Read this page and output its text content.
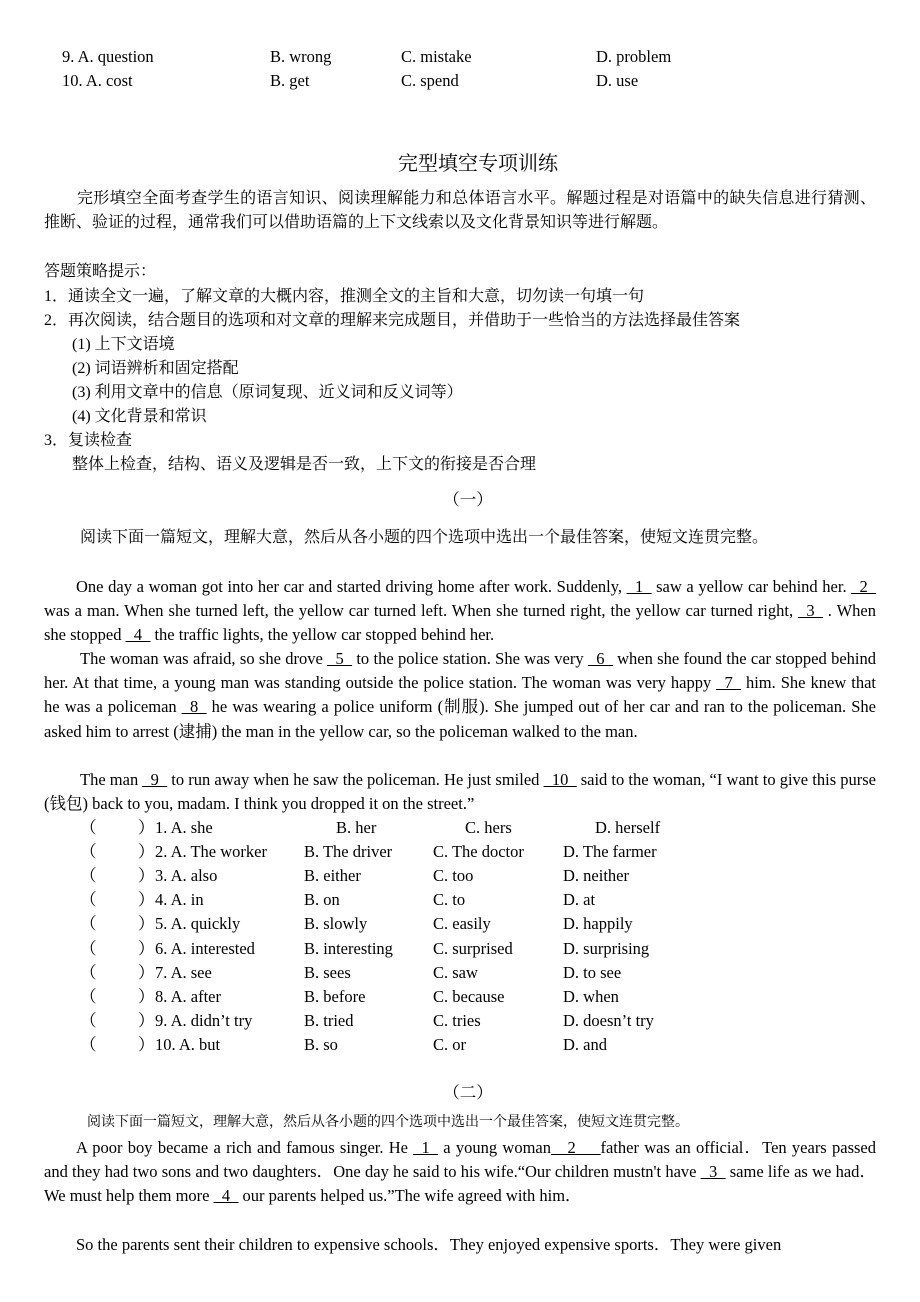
9. A. question	B. wrong	C. mistake	D. problem
10. A. cost	B. get	C. spend	D. use
完型填空专项训练
完形填空全面考查学生的语言知识、阅读理解能力和总体语言水平。解题过程是对语篇中的缺失信息进行猜测、推断、验证的过程，通常我们可以借助语篇的上下文线索以及文化背景知识等进行解题。
答题策略提示：
1．通读全文一遍，了解文章的大概内容，推测全文的主旨和大意，切勿读一句填一句
2．再次阅读，结合题目的选项和对文章的理解来完成题目，并借助于一些恰当的方法选择最佳答案
(1) 上下文语境
(2) 词语辨析和固定搭配
(3) 利用文章中的信息（原词复现、近义词和反义词等）
(4) 文化背景和常识
3．复读检查
整体上检查，结构、语义及逻辑是否一致，上下文的衔接是否合理
（一）
阅读下面一篇短文，理解大意，然后从各小题的四个选项中选出一个最佳答案，使短文连贯完整。
One day a woman got into her car and started driving home after work. Suddenly, _1_ saw a yellow car behind her. _2_ was a man. When she turned left, the yellow car turned left. When she turned right, the yellow car turned right, _3_ . When she stopped _4_ the traffic lights, the yellow car stopped behind her.
The woman was afraid, so she drove _5_ to the police station. She was very _6_ when she found the car stopped behind her. At that time, a young man was standing outside the police station. The woman was very happy _7_ him. She knew that he was a policeman _8_ he was wearing a police uniform (制服). She jumped out of her car and ran to the policeman. She asked him to arrest (逮捕) the man in the yellow car, so the policeman walked to the man.
The man _9_ to run away when he saw the policeman. He just smiled _10_ said to the woman, “I want to give this purse (钱包) back to you, madam. I think you dropped it on the street.”
（	） 1. A. she	B. her	C. hers	D. herself
（	） 2. A. The worker B. The driver C. The doctor D. The farmer
（	） 3. A. also	B. either	C. too	D. neither
（	） 4. A. in	B. on	C. to	D. at
（	） 5. A. quickly	B. slowly	C. easily	D. happily
（	） 6. A. interested	B. interesting C. surprised	D. surprising
（	） 7. A. see	B. sees	C. saw	D. to see
（	） 8. A. after	B. before	C. because	D. when
（	） 9. A. didn’t try	B. tried	C. tries	D. doesn’t try
（	） 10. A. but	B. so	C. or	D. and
（二）
阅读下面一篇短文，理解大意，然后从各小题的四个选项中选出一个最佳答案，使短文连贯完整。
A poor boy became a rich and famous singer. He _1_ a young woman__2___father was an official．Ten years passed and they had two sons and two daughters．One day he said to his wife.“Our children mustn't have _3_ same life as we had．We must help them more _4_ our parents helped us.”The wife agreed with him．
So the parents sent their children to expensive schools．They enjoyed expensive sports．They were given
